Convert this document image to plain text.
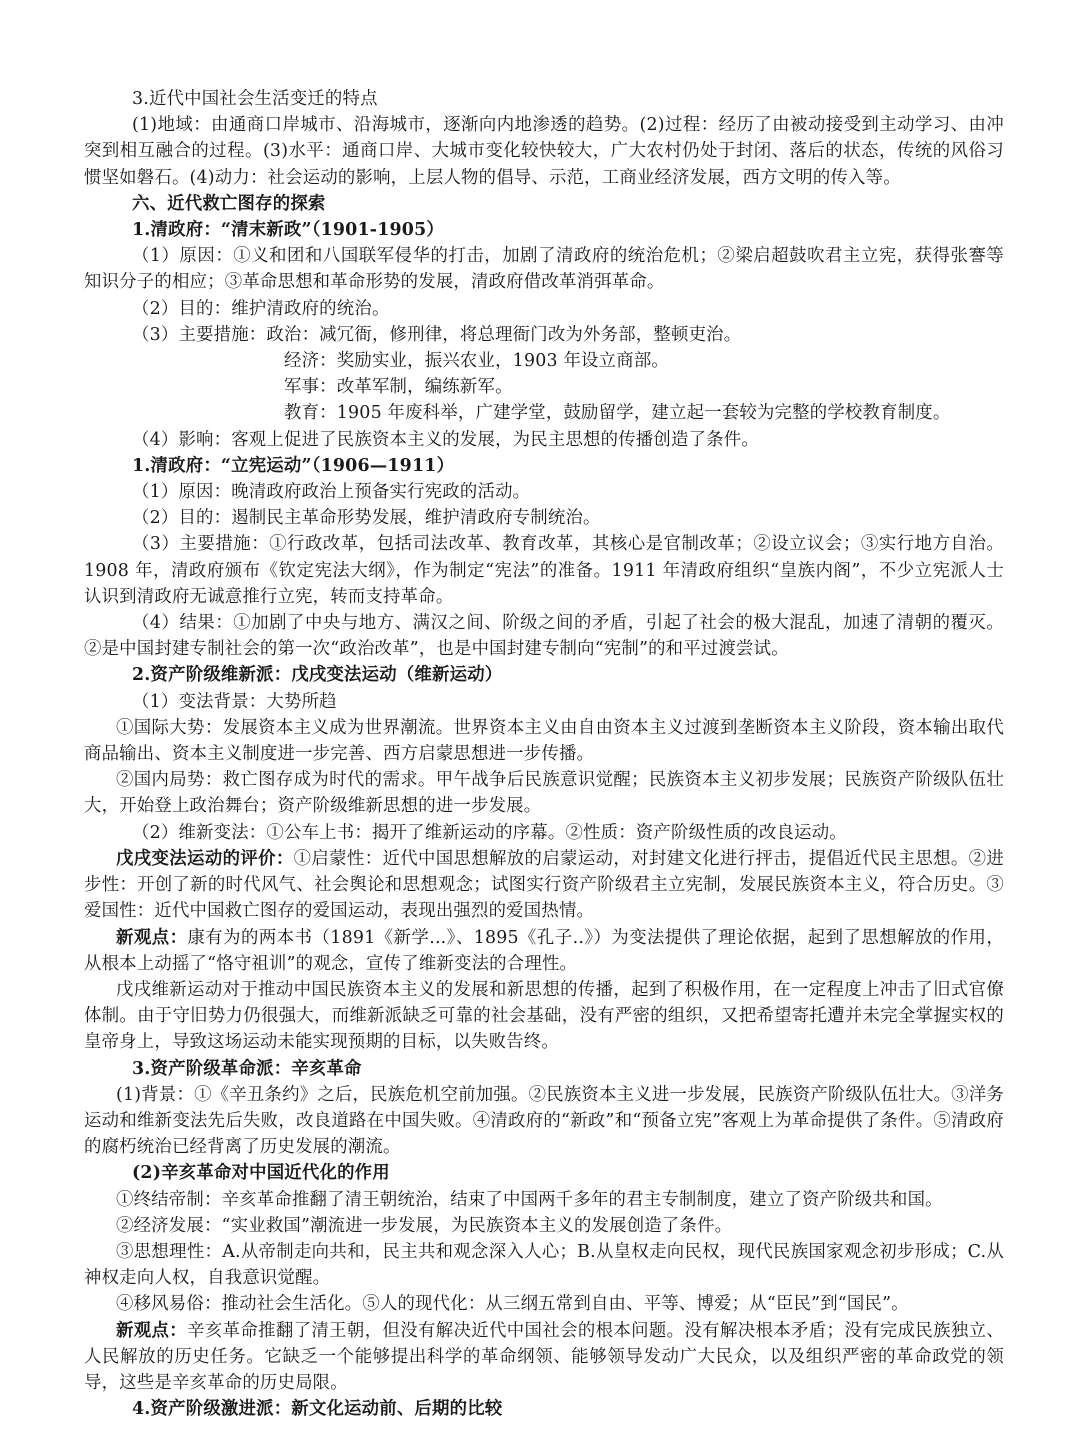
3.近代中国社会生活变迁的特点

(1)地域：由通商口岸城市、沿海城市，逐渐向内地渗透的趋势。(2)过程：经历了由被动接受到主动学习、由冲突到相互融合的过程。(3)水平：通商口岸、大城市变化较快较大，广大农村仍处于封闭、落后的状态，传统的风俗习惯坚如磐石。(4)动力：社会运动的影响，上层人物的倡导、示范，工商业经济发展，西方文明的传入等。

六、近代救亡图存的探索

1.清政府：“清末新政”（1901-1905）

（1）原因：①义和团和八国联军侵华的打击，加剧了清政府的统治危机；②梁启超鼓吹君主立宪，获得张謇等知识分子的相应；③革命思想和革命形势的发展，清政府借改革消弭革命。

（2）目的：维护清政府的统治。

（3）主要措施：政治：减冗衙，修刑律，将总理衙门改为外务部，整顿吏治。

经济：奖励实业，振兴农业，1903 年设立商部。

军事：改革军制，编练新军。

教育：1905 年废科举，广建学堂，鼓励留学，建立起一套较为完整的学校教育制度。

（4）影响：客观上促进了民族资本主义的发展，为民主思想的传播创造了条件。

1.清政府：“立宪运动”（1906—1911）

（1）原因：晚清政府政治上预备实行宪政的活动。

（2）目的：遏制民主革命形势发展，维护清政府专制统治。

（3）主要措施：①行政改革，包括司法改革、教育改革，其核心是官制改革；②设立议会；③实行地方自治。1908 年，清政府颁布《钦定宪法大纲》，作为制定“宪法”的准备。1911 年清政府组织“皇族内阁”，不少立宪派人士认识到清政府无诚意推行立宪，转而支持革命。

（4）结果：①加剧了中央与地方、满汉之间、阶级之间的矛盾，引起了社会的极大混乱，加速了清朝的覆灭。②是中国封建专制社会的第一次“政治改革”，也是中国封建专制向“宪制”的和平过渡尝试。

2.资产阶级维新派：戊戌变法运动（维新运动）

（1）变法背景：大势所趋

①国际大势：发展资本主义成为世界潮流。世界资本主义由自由资本主义过渡到垄断资本主义阶段，资本输出取代商品输出、资本主义制度进一步完善、西方启蒙思想进一步传播。

②国内局势：救亡图存成为时代的需求。甲午战争后民族意识觉醒；民族资本主义初步发展；民族资产阶级队伍壮大，开始登上政治舞台；资产阶级维新思想的进一步发展。

（2）维新变法：①公车上书：揭开了维新运动的序幕。②性质：资产阶级性质的改良运动。

戊戌变法运动的评价：①启蒙性：近代中国思想解放的启蒙运动，对封建文化进行抨击，提倡近代民主思想。②进步性：开创了新的时代风气、社会舆论和思想观念；试图实行资产阶级君主立宪制，发展民族资本主义，符合历史。③爱国性：近代中国救亡图存的爱国运动，表现出强烈的爱国热情。

新观点：康有为的两本书（1891《新学...》、1895《孔子..》）为变法提供了理论依据，起到了思想解放的作用，从根本上动摇了“恪守祖训”的观念，宣传了维新变法的合理性。

戊戌维新运动对于推动中国民族资本主义的发展和新思想的传播，起到了积极作用，在一定程度上冲击了旧式官僚体制。由于守旧势力仍很强大，而维新派缺乏可靠的社会基础，没有严密的组织，又把希望寄托遭并未完全掌握实权的皇帝身上，导致这场运动未能实现预期的目标，以失败告终。

3.资产阶级革命派：辛亥革命

(1)背景：①《辛丑条约》之后，民族危机空前加强。②民族资本主义进一步发展，民族资产阶级队伍壮大。③洋务运动和维新变法先后失败，改良道路在中国失败。④清政府的“新政”和“预备立宪”客观上为革命提供了条件。⑤清政府的腐朽统治已经背离了历史发展的潮流。

(2)辛亥革命对中国近代化的作用

①终结帝制：辛亥革命推翻了清王朝统治，结束了中国两千多年的君主专制制度，建立了资产阶级共和国。

②经济发展：“实业救国”潮流进一步发展，为民族资本主义的发展创造了条件。

③思想理性：A.从帝制走向共和，民主共和观念深入人心；B.从皇权走向民权，现代民族国家观念初步形成；C.从神权走向人权，自我意识觉醒。

④移风易俗：推动社会生活化。⑤人的现代化：从三纲五常到自由、平等、博爱；从“臣民”到“国民”。

新观点：辛亥革命推翻了清王朝，但没有解决近代中国社会的根本问题。没有解决根本矛盾；没有完成民族独立、人民解放的历史任务。它缺乏一个能够提出科学的革命纲领、能够领导发动广大民众，以及组织严密的革命政党的领导，这些是辛亥革命的历史局限。

4.资产阶级激进派：新文化运动前、后期的比较
